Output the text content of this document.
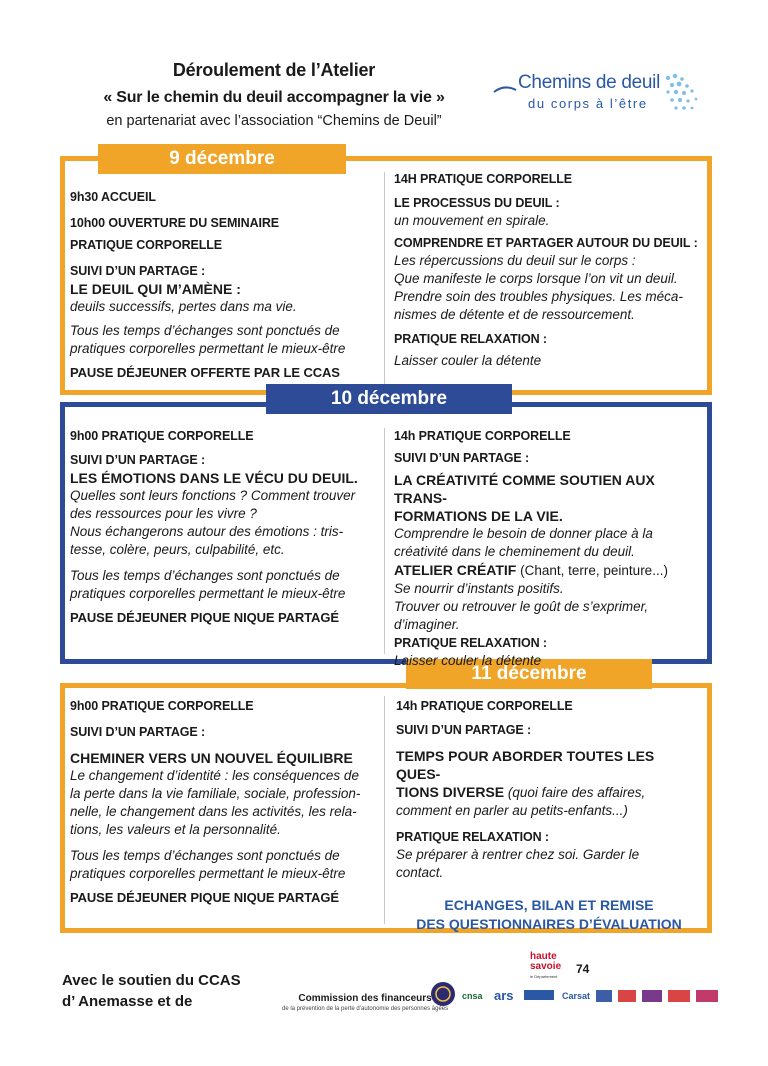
Déroulement de l’Atelier
« Sur le chemin du deuil accompagner la vie »
en partenariat avec l’association “Chemins de Deuil”
Chemins de deuil
du corps à l’être
9 décembre
10 décembre
11 décembre
9h30 ACCUEIL
10h00 OUVERTURE DU SEMINAIRE
PRATIQUE CORPORELLE
SUIVI D’UN PARTAGE :
LE DEUIL QUI M’AMÈNE :
deuils successifs, pertes dans ma vie.
Tous les temps d’échanges sont ponctués de
pratiques corporelles permettant le mieux-être
PAUSE DÉJEUNER OFFERTE PAR LE CCAS
14H PRATIQUE CORPORELLE
LE PROCESSUS DU DEUIL :
un mouvement en spirale.
COMPRENDRE ET PARTAGER AUTOUR DU DEUIL :
Les répercussions du deuil sur le corps :
Que manifeste le corps lorsque l’on vit un deuil.
Prendre soin des troubles physiques. Les méca-
nismes de détente et de ressourcement.
PRATIQUE RELAXATION :
Laisser couler la détente
9h00 PRATIQUE CORPORELLE
SUIVI D’UN PARTAGE :
LES ÉMOTIONS DANS LE VÉCU DU DEUIL.
Quelles sont leurs fonctions ? Comment trouver
des ressources pour les vivre ?
Nous échangerons autour des émotions : tris-
tesse, colère, peurs, culpabilité, etc.
Tous les temps d’échanges sont ponctués de
pratiques corporelles permettant le mieux-être
PAUSE DÉJEUNER PIQUE NIQUE PARTAGÉ
14h PRATIQUE CORPORELLE
SUIVI D’UN PARTAGE :
LA CRÉATIVITÉ COMME SOUTIEN AUX TRANS-
FORMATIONS DE LA VIE.
Comprendre le besoin de donner place à la
créativité dans le cheminement du deuil.
ATELIER CRÉATIF (Chant, terre, peinture...)
Se nourrir d’instants positifs.
Trouver ou retrouver le goût de s’exprimer,
d’imaginer.
PRATIQUE RELAXATION :
Laisser couler la détente
9h00 PRATIQUE CORPORELLE
SUIVI D’UN PARTAGE :
CHEMINER VERS UN NOUVEL ÉQUILIBRE
Le changement d’identité : les conséquences de
la perte dans la vie familiale, sociale, profession-
nelle, le changement dans les activités, les rela-
tions, les valeurs et la personnalité.
Tous les temps d’échanges sont ponctués de
pratiques corporelles permettant le mieux-être
PAUSE DÉJEUNER PIQUE NIQUE PARTAGÉ
14h PRATIQUE CORPORELLE
SUIVI D’UN PARTAGE :
TEMPS POUR ABORDER TOUTES LES QUES-
TIONS DIVERSE (quoi faire des affaires,
comment en parler au petits-enfants...)
PRATIQUE RELAXATION :
Se préparer à rentrer chez soi. Garder le
contact.
ECHANGES, BILAN ET REMISE
DES QUESTIONNAIRES D’ÉVALUATION
Avec le soutien du CCAS
d’ Anemasse et de	Commission des financeurs
de la prévention de la perte d’autonomie des personnes âgées
haute
savoie
le Département
74
cnsa ars	Carsat
